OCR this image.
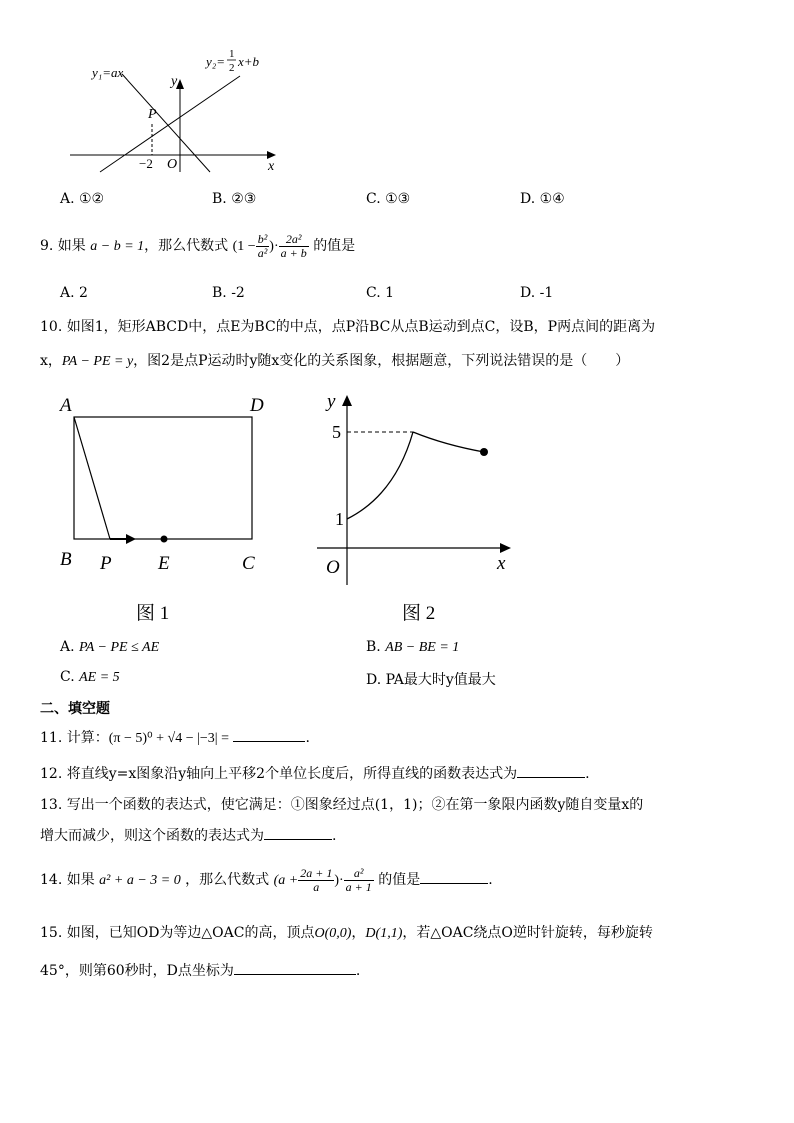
y₁=ax
y₂= 1
2 x+b
y
x
P
O
−2
A. ①②	B. ②③	C. ①③	D. ①④
9. 如果 a − b = 1，那么代数式 ($1 - \frac{\text{b²}}{\text{a²}}$ )· $\frac{\text{2a²}}{a + b}$ 的值是
A. 2	B. -2	C. 1	D. -1
10. 如图1，矩形ABCD中，点E为BC的中点，点P沿BC从点B运动到点C，设B，P两点间的距离为
x，PA − PE = y，图2是点P运动时y随x变化的关系图象，根据题意，下列说法错误的是（　　）
A	D
B P E	C
图 1
y
x
O
5
1
图 2
A. PA − PE ≤ AE	B. AB − BE = 1
C. AE = 5	D. PA最大时y值最大
二、填空题
11. 计算：(π − 5)⁰ + √4 − |−3| =	.
12. 将直线y=x图象沿y轴向上平移2个单位长度后，所得直线的函数表达式为	.
13. 写出一个函数的表达式，使它满足：①图象经过点(1，1)；②在第一象限内函数y随自变量x的
增大而减少，则这个函数的表达式为	.
14. 如果 a² + a − 3 = 0 ，那么代数式 ($a + \frac{2a + 1}{a}$ )· $\frac{\text{a²}}{a + 1}$ 的值是	.
15. 如图，已知OD为等边△OAC的高，顶点O(0,0)，D(1,1)，若△OAC绕点O逆时针旋转，每秒旋转
45°，则第60秒时，D点坐标为	.
